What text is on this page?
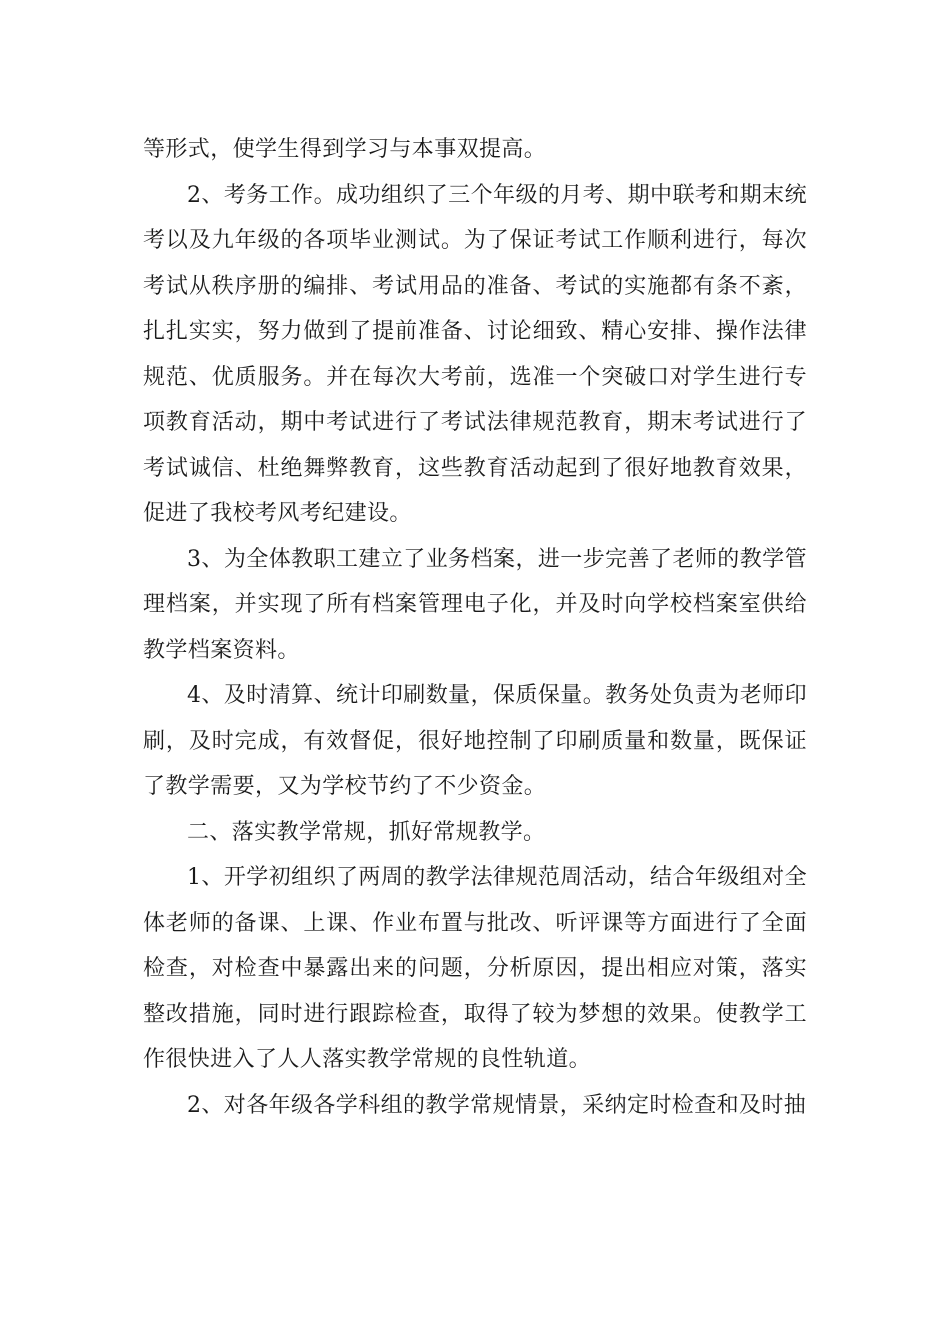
等形式，使学生得到学习与本事双提高。

2、考务工作。成功组织了三个年级的月考、期中联考和期末统考以及九年级的各项毕业测试。为了保证考试工作顺利进行，每次考试从秩序册的编排、考试用品的准备、考试的实施都有条不紊，扎扎实实，努力做到了提前准备、讨论细致、精心安排、操作法律规范、优质服务。并在每次大考前，选准一个突破口对学生进行专项教育活动，期中考试进行了考试法律规范教育，期末考试进行了考试诚信、杜绝舞弊教育，这些教育活动起到了很好地教育效果，促进了我校考风考纪建设。

3、为全体教职工建立了业务档案，进一步完善了老师的教学管理档案，并实现了所有档案管理电子化，并及时向学校档案室供给教学档案资料。

4、及时清算、统计印刷数量，保质保量。教务处负责为老师印刷，及时完成，有效督促，很好地控制了印刷质量和数量，既保证了教学需要，又为学校节约了不少资金。

二、落实教学常规，抓好常规教学。

1、开学初组织了两周的教学法律规范周活动，结合年级组对全体老师的备课、上课、作业布置与批改、听评课等方面进行了全面检查，对检查中暴露出来的问题，分析原因，提出相应对策，落实整改措施，同时进行跟踪检查，取得了较为梦想的效果。使教学工作很快进入了人人落实教学常规的良性轨道。

2、对各年级各学科组的教学常规情景，采纳定时检查和及时抽
